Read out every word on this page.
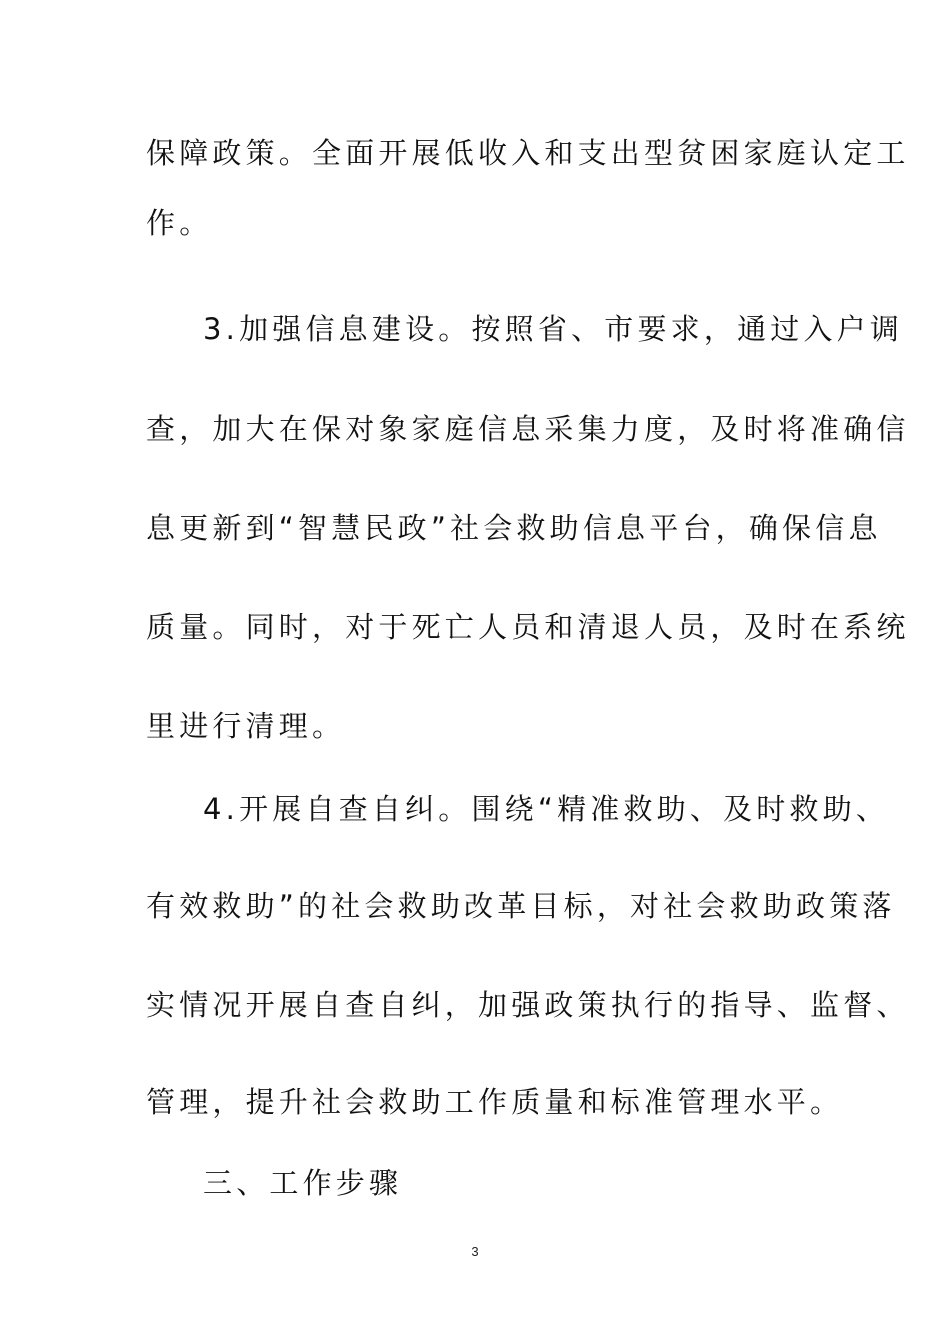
保障政策。全面开展低收入和支出型贫困家庭认定工
作。
3.加强信息建设。按照省、市要求，通过入户调
查，加大在保对象家庭信息采集力度，及时将准确信
息更新到“智慧民政”社会救助信息平台，确保信息
质量。同时，对于死亡人员和清退人员，及时在系统
里进行清理。
4.开展自查自纠。围绕“精准救助、及时救助、
有效救助”的社会救助改革目标，对社会救助政策落
实情况开展自查自纠，加强政策执行的指导、监督、
管理，提升社会救助工作质量和标准管理水平。
三、工作步骤
3
